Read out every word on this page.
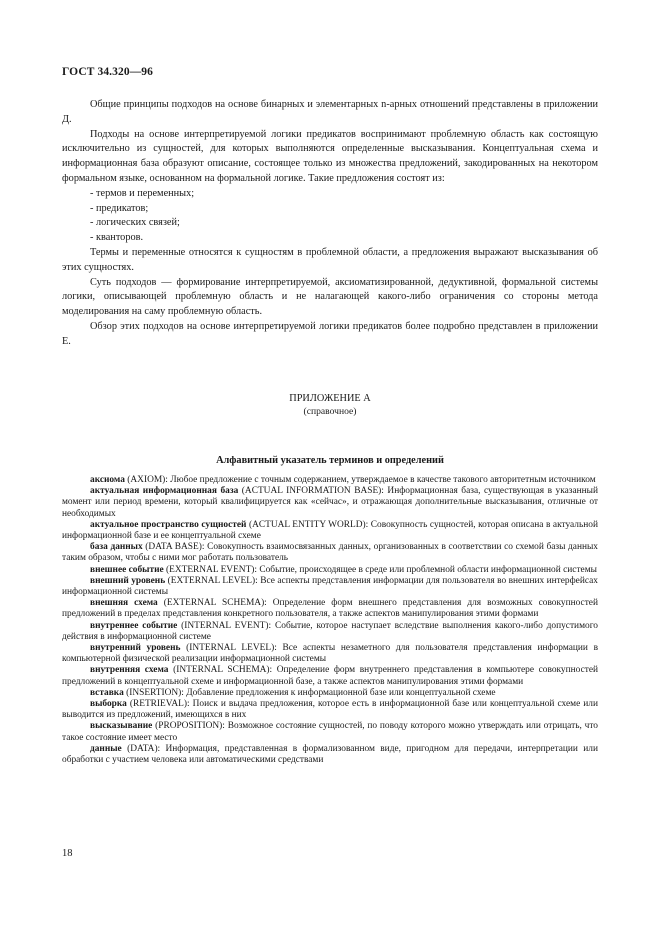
ГОСТ 34.320—96

Общие принципы подходов на основе бинарных и элементарных n-арных отношений представлены в приложении Д.

Подходы на основе интерпретируемой логики предикатов воспринимают проблемную область как состоящую исключительно из сущностей, для которых выполняются определенные высказывания. Концептуальная схема и информационная база образуют описание, состоящее только из множества предложений, закодированных на некотором формальном языке, основанном на формальной логике. Такие предложения состоят из:

- термов и переменных;
- предикатов;
- логических связей;
- кванторов.

Термы и переменные относятся к сущностям в проблемной области, а предложения выражают высказывания об этих сущностях.

Суть подходов — формирование интерпретируемой, аксиоматизированной, дедуктивной, формальной системы логики, описывающей проблемную область и не налагающей какого-либо ограничения со стороны метода моделирования на саму проблемную область.

Обзор этих подходов на основе интерпретируемой логики предикатов более подробно представлен в приложении Е.

ПРИЛОЖЕНИЕ А
(справочное)
Алфавитный указатель терминов и определений

аксиома (AXIOM): Любое предложение с точным содержанием, утверждаемое в качестве такового авторитетным источником

актуальная информационная база (ACTUAL INFORMATION BASE): Информационная база, существующая в указанный момент или период времени, который квалифицируется как «сейчас», и отражающая дополнительные высказывания, отличные от необходимых

актуальное пространство сущностей (ACTUAL ENTITY WORLD): Совокупность сущностей, которая описана в актуальной информационной базе и ее концептуальной схеме

база данных (DATA BASE): Совокупность взаимосвязанных данных, организованных в соответствии со схемой базы данных таким образом, чтобы с ними мог работать пользователь

внешнее событие (EXTERNAL EVENT): Событие, происходящее в среде или проблемной области информационной системы

внешний уровень (EXTERNAL LEVEL): Все аспекты представления информации для пользователя во внешних интерфейсах информационной системы

внешняя схема (EXTERNAL SCHEMA): Определение форм внешнего представления для возможных совокупностей предложений в пределах представления конкретного пользователя, а также аспектов манипулирования этими формами

внутреннее событие (INTERNAL EVENT): Событие, которое наступает вследствие выполнения какого-либо допустимого действия в информационной системе

внутренний уровень (INTERNAL LEVEL): Все аспекты незаметного для пользователя представления информации в компьютерной физической реализации информационной системы

внутренняя схема (INTERNAL SCHEMA): Определение форм внутреннего представления в компьютере совокупностей предложений в концептуальной схеме и информационной базе, а также аспектов манипулирования этими формами

вставка (INSERTION): Добавление предложения к информационной базе или концептуальной схеме

выборка (RETRIEVAL): Поиск и выдача предложения, которое есть в информационной базе или концептуальной схеме или выводится из предложений, имеющихся в них

высказывание (PROPOSITION): Возможное состояние сущностей, по поводу которого можно утверждать или отрицать, что такое состояние имеет место

данные (DATA): Информация, представленная в формализованном виде, пригодном для передачи, интерпретации или обработки с участием человека или автоматическими средствами

18
